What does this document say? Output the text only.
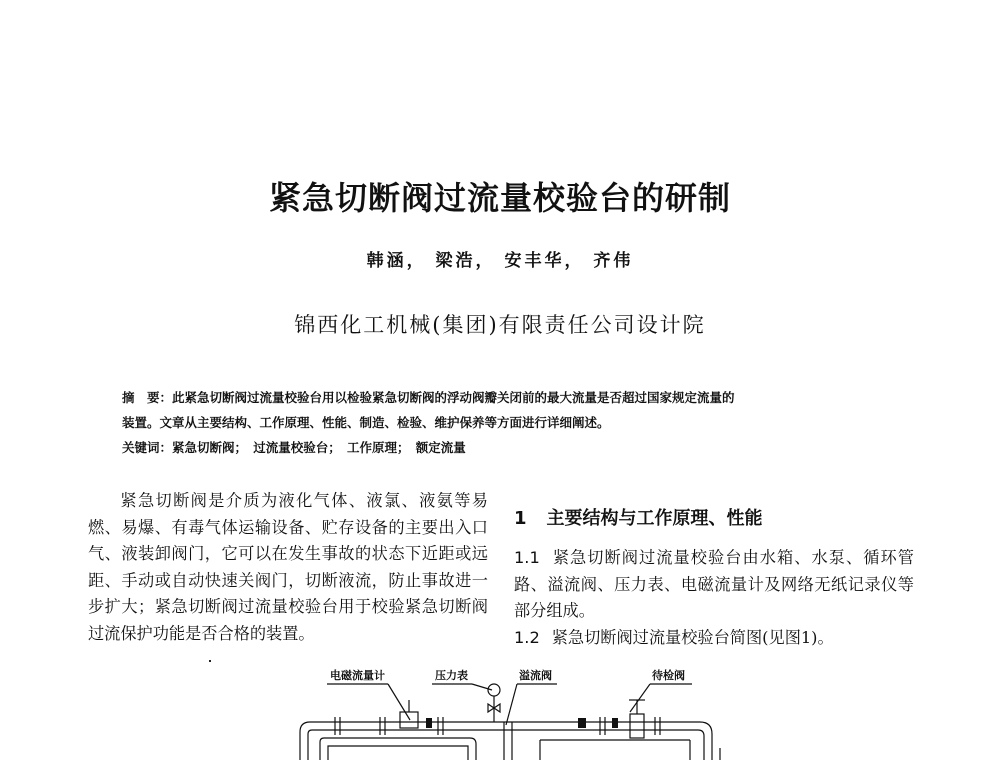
紧急切断阀过流量校验台的研制
韩涵， 梁浩， 安丰华， 齐伟
锦西化工机械(集团)有限责任公司设计院
摘　要：此紧急切断阀过流量校验台用以检验紧急切断阀的浮动阀瓣关闭前的最大流量是否超过国家规定流量的
装置。文章从主要结构、工作原理、性能、制造、检验、维护保养等方面进行详细阐述。
关键词：紧急切断阀；　过流量校验台；　工作原理；　额定流量

紧急切断阀是介质为液化气体、液氯、液氨等易燃、易爆、有毒气体运输设备、贮存设备的主要出入口气、液装卸阀门，它可以在发生事故的状态下近距或远距、手动或自动快速关阀门，切断液流，防止事故进一步扩大；紧急切断阀过流量校验台用于校验紧急切断阀过流保护功能是否合格的装置。

1 主要结构与工作原理、性能

1.1 紧急切断阀过流量校验台由水箱、水泵、循环管路、溢流阀、压力表、电磁流量计及网络无纸记录仪等部分组成。

1.2 紧急切断阀过流量校验台简图(见图1)。

电磁流量计	压力表	溢流阀	待检阀
